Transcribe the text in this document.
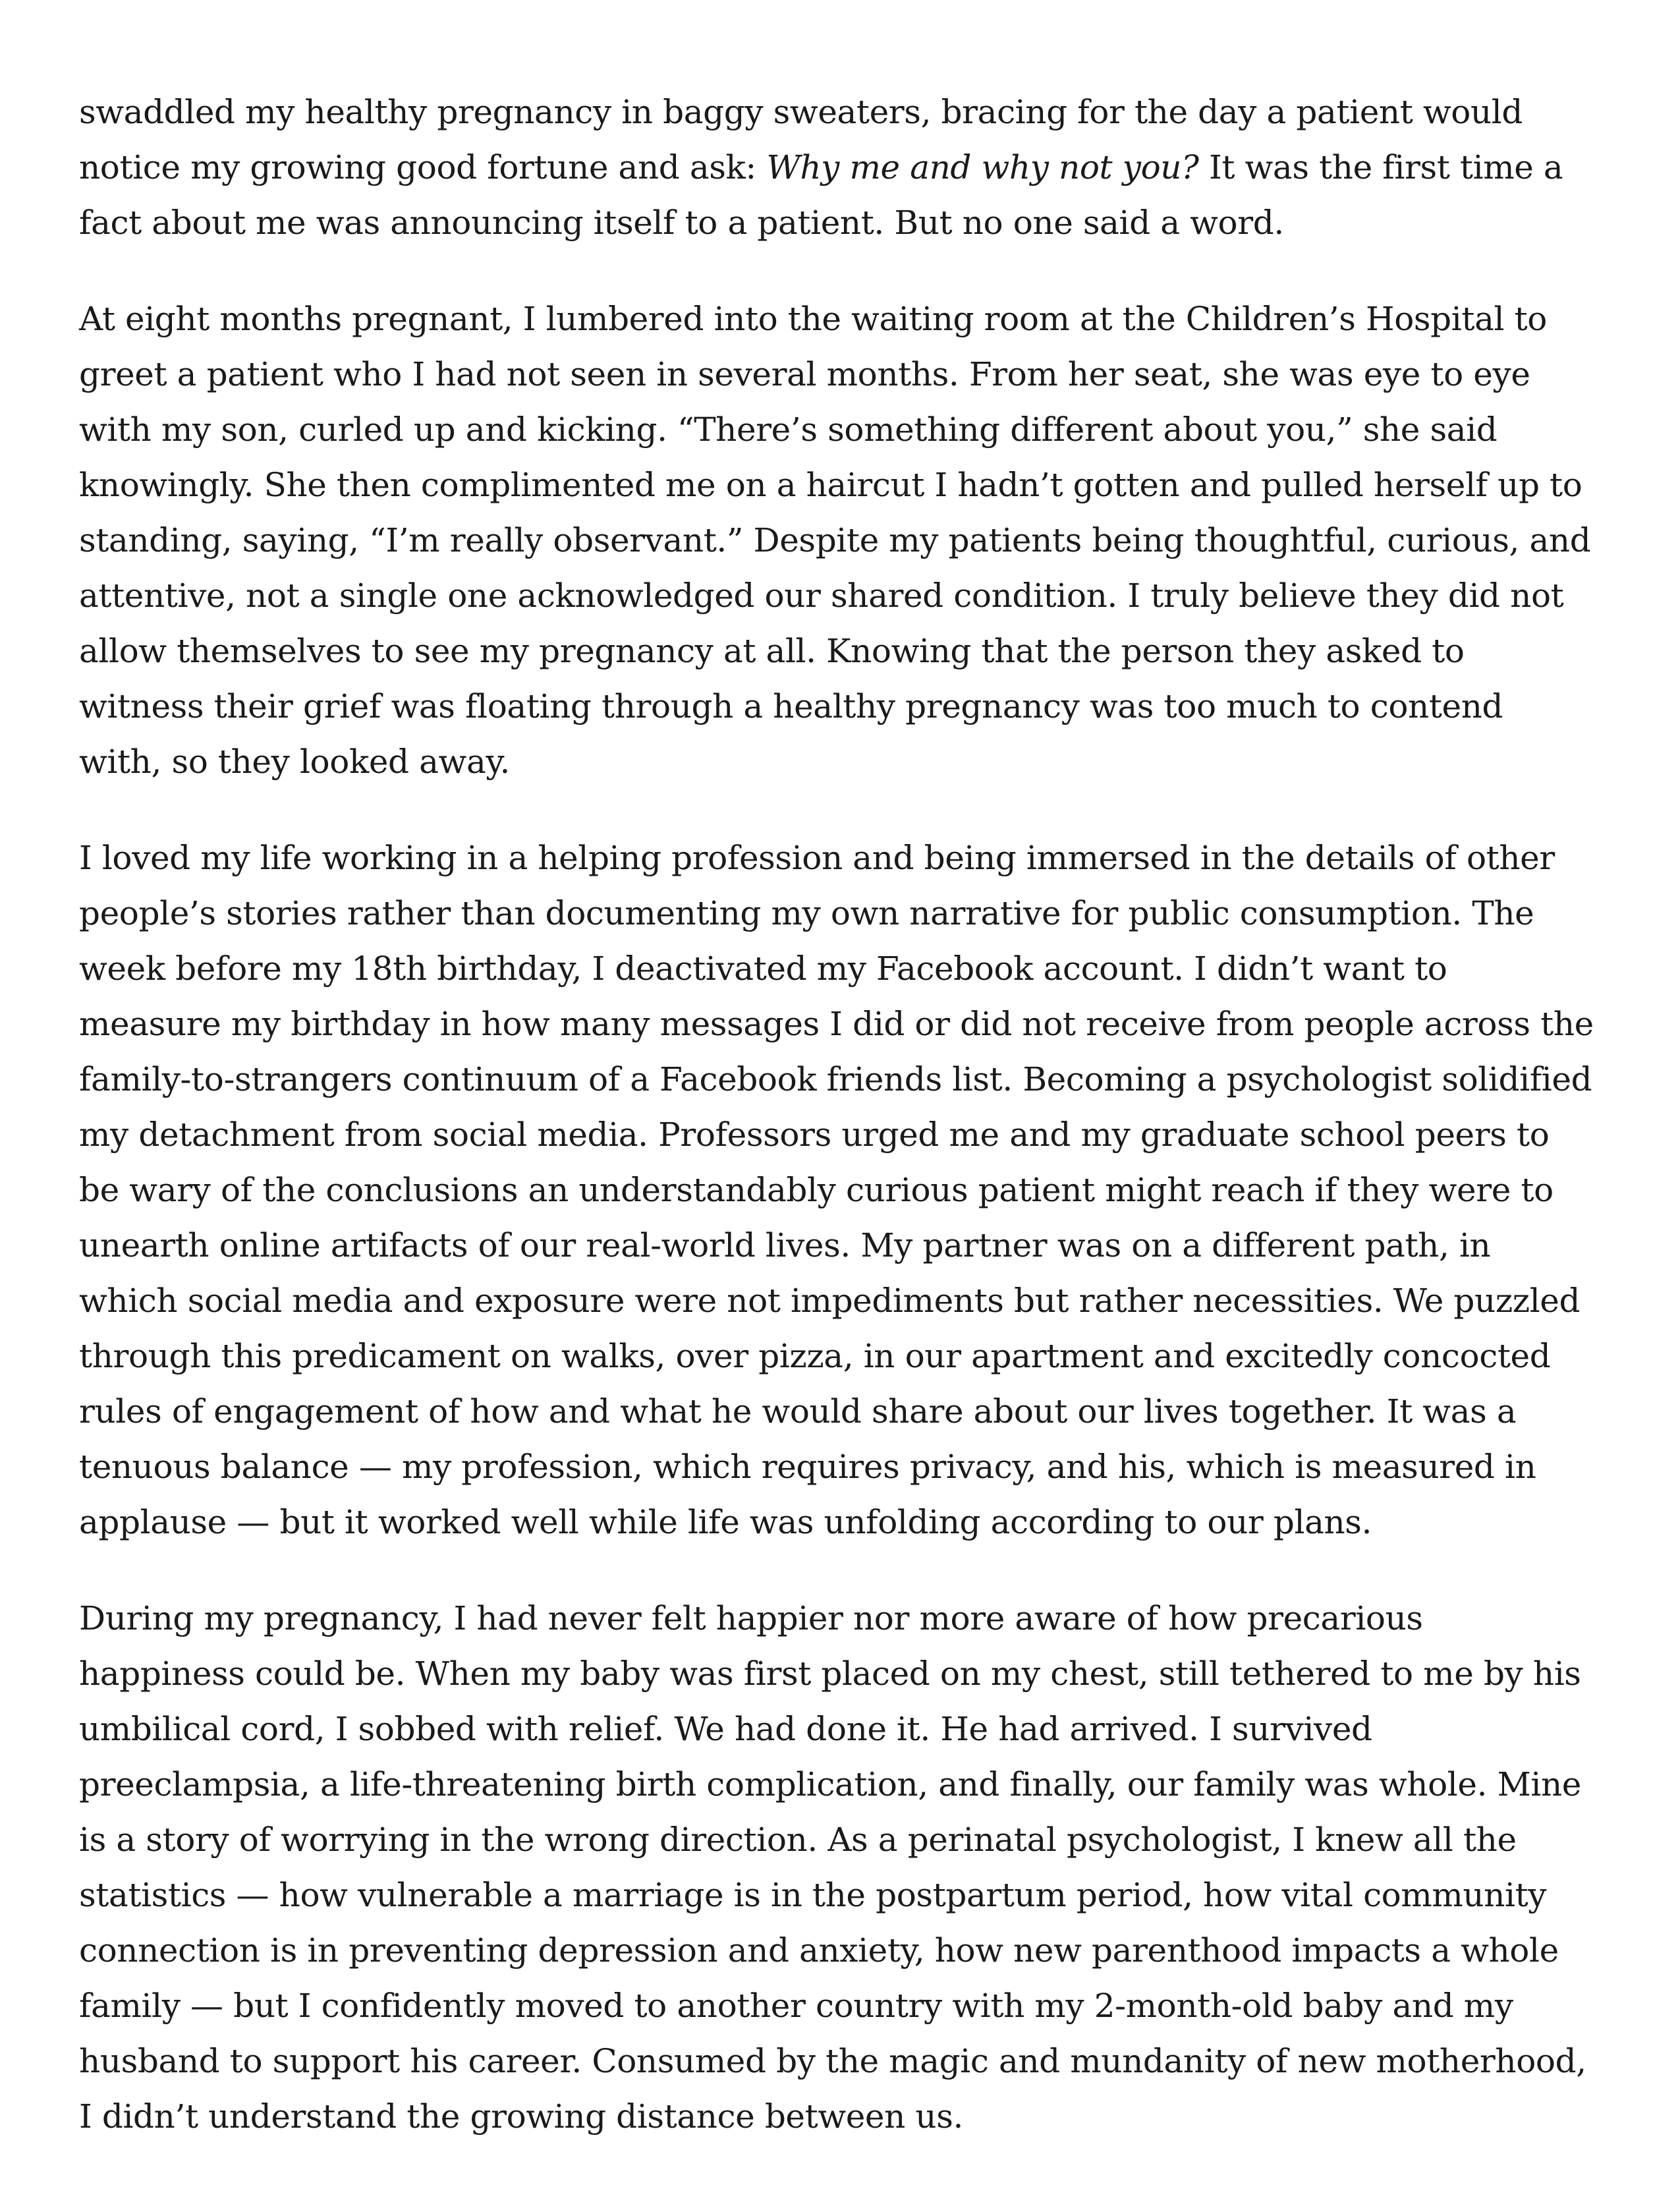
swaddled my healthy pregnancy in baggy sweaters, bracing for the day a patient would notice my growing good fortune and ask: Why me and why not you? It was the first time a fact about me was announcing itself to a patient. But no one said a word.

At eight months pregnant, I lumbered into the waiting room at the Children’s Hospital to greet a patient who I had not seen in several months. From her seat, she was eye to eye with my son, curled up and kicking. “There’s something different about you,” she said knowingly. She then complimented me on a haircut I hadn’t gotten and pulled herself up to standing, saying, “I’m really observant.” Despite my patients being thoughtful, curious, and attentive, not a single one acknowledged our shared condition. I truly believe they did not allow themselves to see my pregnancy at all. Knowing that the person they asked to witness their grief was floating through a healthy pregnancy was too much to contend with, so they looked away.

I loved my life working in a helping profession and being immersed in the details of other people’s stories rather than documenting my own narrative for public consumption. The week before my 18th birthday, I deactivated my Facebook account. I didn’t want to measure my birthday in how many messages I did or did not receive from people across the family-to-strangers continuum of a Facebook friends list. Becoming a psychologist solidified my detachment from social media. Professors urged me and my graduate school peers to be wary of the conclusions an understandably curious patient might reach if they were to unearth online artifacts of our real-world lives. My partner was on a different path, in which social media and exposure were not impediments but rather necessities. We puzzled through this predicament on walks, over pizza, in our apartment and excitedly concocted rules of engagement of how and what he would share about our lives together. It was a tenuous balance — my profession, which requires privacy, and his, which is measured in applause — but it worked well while life was unfolding according to our plans.

During my pregnancy, I had never felt happier nor more aware of how precarious happiness could be. When my baby was first placed on my chest, still tethered to me by his umbilical cord, I sobbed with relief. We had done it. He had arrived. I survived preeclampsia, a life-threatening birth complication, and finally, our family was whole. Mine is a story of worrying in the wrong direction. As a perinatal psychologist, I knew all the statistics — how vulnerable a marriage is in the postpartum period, how vital community connection is in preventing depression and anxiety, how new parenthood impacts a whole family — but I confidently moved to another country with my 2-month-old baby and my husband to support his career. Consumed by the magic and mundanity of new motherhood, I didn’t understand the growing distance between us.
